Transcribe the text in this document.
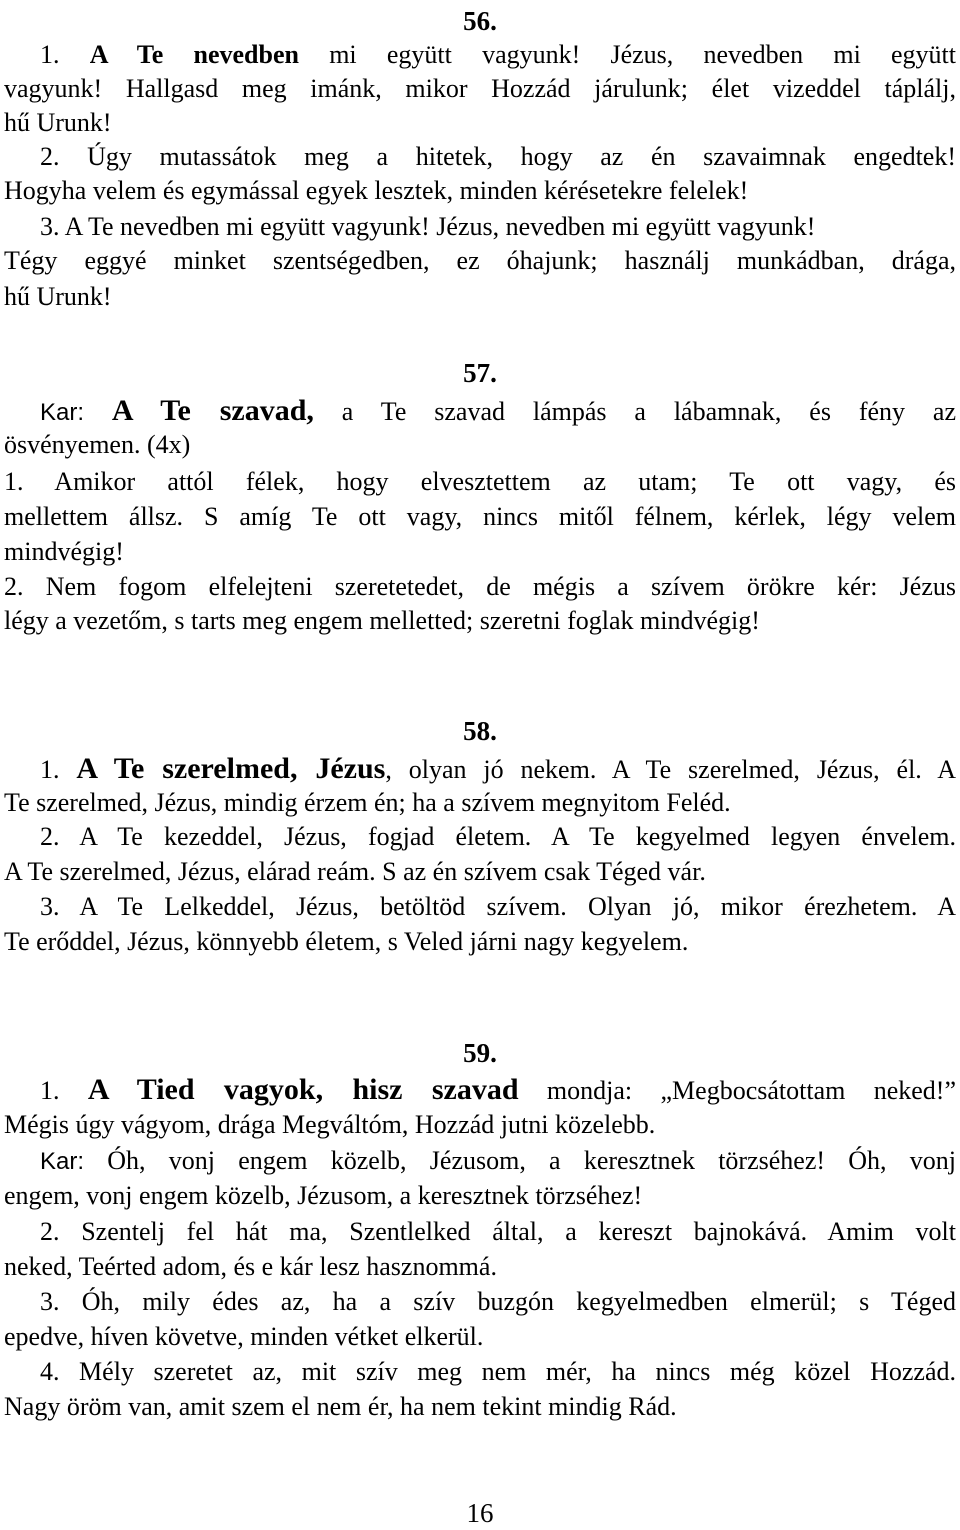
56.
1. A Te nevedben mi együtt vagyunk! Jézus, nevedben mi együtt
vagyunk! Hallgasd meg imánk, mikor Hozzád járulunk; élet vizeddel táplálj,
hű Urunk!
2. Úgy mutassátok meg a hitetek, hogy az én szavaimnak engedtek!
Hogyha velem és egymással egyek lesztek, minden kérésetekre felelek!
3. A Te nevedben mi együtt vagyunk! Jézus, nevedben mi együtt vagyunk!
Tégy eggyé minket szentségedben, ez óhajunk; használj munkádban, drága,
hű Urunk!
57.
Kar: A Te szavad, a Te szavad lámpás a lábamnak, és fény az
ösvényemen. (4x)
1. Amikor attól félek, hogy elvesztettem az utam; Te ott vagy, és
mellettem állsz. S amíg Te ott vagy, nincs mitől félnem, kérlek, légy velem
mindvégig!
2. Nem fogom elfelejteni szeretetedet, de mégis a szívem örökre kér: Jézus
légy a vezetőm, s tarts meg engem melletted; szeretni foglak mindvégig!
58.
1. A Te szerelmed, Jézus, olyan jó nekem. A Te szerelmed, Jézus, él. A
Te szerelmed, Jézus, mindig érzem én; ha a szívem megnyitom Feléd.
2. A Te kezeddel, Jézus, fogjad életem. A Te kegyelmed legyen énvelem.
A Te szerelmed, Jézus, elárad reám. S az én szívem csak Téged vár.
3. A Te Lelkeddel, Jézus, betöltöd szívem. Olyan jó, mikor érezhetem. A
Te erőddel, Jézus, könnyebb életem, s Veled járni nagy kegyelem.
59.
1. A Tied vagyok, hisz szavad mondja: „Megbocsátottam neked!”
Mégis úgy vágyom, drága Megváltóm, Hozzád jutni közelebb.
Kar: Óh, vonj engem közelb, Jézusom, a keresztnek törzséhez! Óh, vonj
engem, vonj engem közelb, Jézusom, a keresztnek törzséhez!
2. Szentelj fel hát ma, Szentlelked által, a kereszt bajnokává. Amim volt
neked, Teérted adom, és e kár lesz hasznommá.
3. Óh, mily édes az, ha a szív buzgón kegyelmedben elmerül; s Téged
epedve, híven követve, minden vétket elkerül.
4. Mély szeretet az, mit szív meg nem mér, ha nincs még közel Hozzád.
Nagy öröm van, amit szem el nem ér, ha nem tekint mindig Rád.
16
